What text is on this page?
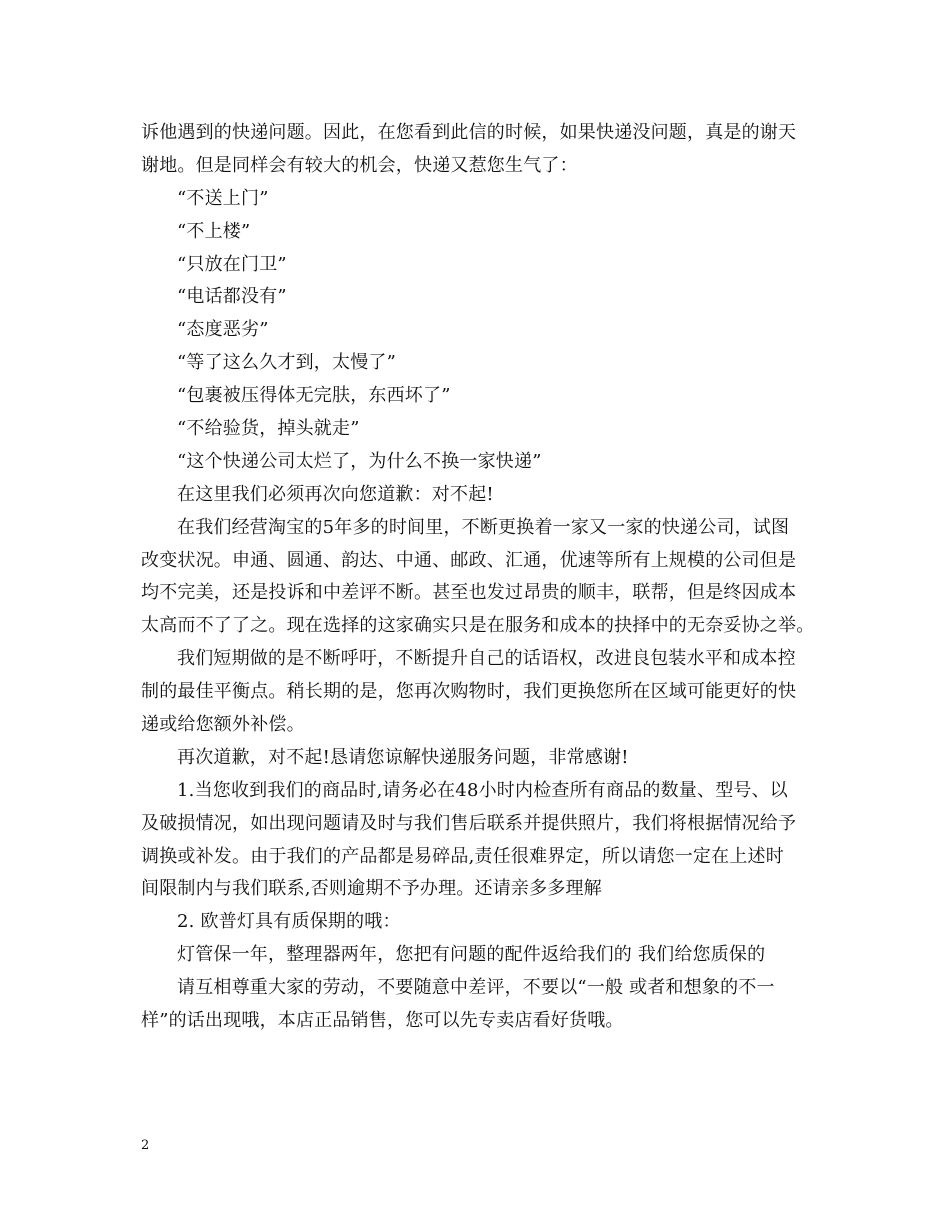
诉他遇到的快递问题。因此，在您看到此信的时候，如果快递没问题，真是的谢天
谢地。但是同样会有较大的机会，快递又惹您生气了：
“不送上门”
“不上楼”
“只放在门卫”
“电话都没有”
“态度恶劣”
“等了这么久才到，太慢了”
“包裹被压得体无完肤，东西坏了”
“不给验货，掉头就走”
“这个快递公司太烂了，为什么不换一家快递”
在这里我们必须再次向您道歉：对不起!
在我们经营淘宝的5年多的时间里，不断更换着一家又一家的快递公司，试图
改变状况。申通、圆通、韵达、中通、邮政、汇通，优速等所有上规模的公司但是
均不完美，还是投诉和中差评不断。甚至也发过昂贵的顺丰，联帮，但是终因成本
太高而不了了之。现在选择的这家确实只是在服务和成本的抉择中的无奈妥协之举。
我们短期做的是不断呼吁，不断提升自己的话语权，改进良包装水平和成本控
制的最佳平衡点。稍长期的是，您再次购物时，我们更换您所在区域可能更好的快
递或给您额外补偿。
再次道歉，对不起!恳请您谅解快递服务问题，非常感谢!
1.当您收到我们的商品时,请务必在48小时内检查所有商品的数量、型号、以
及破损情况，如出现问题请及时与我们售后联系并提供照片，我们将根据情况给予
调换或补发。由于我们的产品都是易碎品,责任很难界定，所以请您一定在上述时
间限制内与我们联系,否则逾期不予办理。还请亲多多理解
2. 欧普灯具有质保期的哦：
灯管保一年，整理器两年，您把有问题的配件返给我们的 我们给您质保的
请互相尊重大家的劳动，不要随意中差评，不要以“一般 或者和想象的不一
样”的话出现哦，本店正品销售，您可以先专卖店看好货哦。
2
